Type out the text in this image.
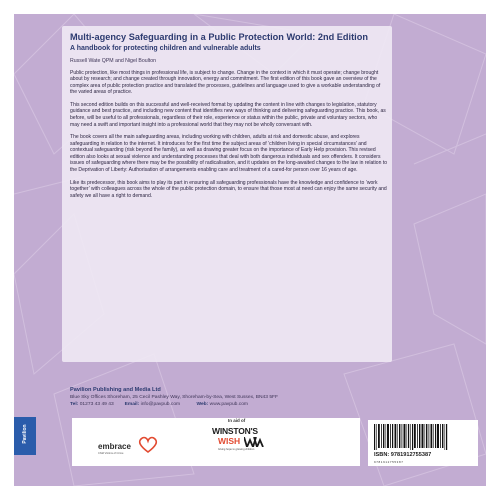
Multi-agency Safeguarding in a Public Protection World: 2nd Edition

A handbook for protecting children and vulnerable adults

Russell Wate QPM and Nigel Boulton

Public protection, like most things in professional life, is subject to change. Change in the context in which it must operate; change brought about by research; and change created through innovation, energy and commitment. The first edition of this book gave an overview of the complex area of public protection practice and translated the processes, guidelines and language used to give a workable understanding of the varied areas of practice.

This second edition builds on this successful and well-received format by updating the content in line with changes to legislation, statutory guidance and best practice, and including new content that identifies new ways of thinking and delivering safeguarding practice. This book, as before, will be useful to all professionals, regardless of their role, experience or status within the public, private and voluntary sectors, who may need a swift and important insight into a professional world that they may not be wholly conversant with.

The book covers all the main safeguarding areas, including working with children, adults at risk and domestic abuse, and explores safeguarding in relation to the internet. It introduces for the first time the subject areas of ‘children living in special circumstances’ and contextual safeguarding (risk beyond the family), as well as drawing greater focus on the importance of Early Help provision. This revised edition also looks at sexual violence and understanding processes that deal with both dangerous individuals and sex offenders. It considers issues of safeguarding where there may be the possibility of radicalisation, and it updates on the long-awaited changes to the law in relation to the Deprivation of Liberty: Authorisation of arrangements enabling care and treatment of a cared-for person over 16 years of age.

Like its predecessor, this book aims to play its part in ensuring all safeguarding professionals have the knowledge and confidence to ‘work together’ with colleagues across the whole of the public protection domain, to ensure that those most at need can enjoy the same security and safety we all have a right to demand.

Pavilion Publishing and Media Ltd

Blue Sky Offices Shoreham, 25 Cecil Pashley Way, Shoreham-by-Sea, West Sussex, BN43 5FF
Tel: 01273 43 49 43 Email: info@pavpub.com	Web: www.pavpub.com
Pavilion
embrace
Child Victims of Crime
In aid of
WINSTON'S
WISH
Giving hope to grieving children
ISBN: 9781912755387
9781912755387
